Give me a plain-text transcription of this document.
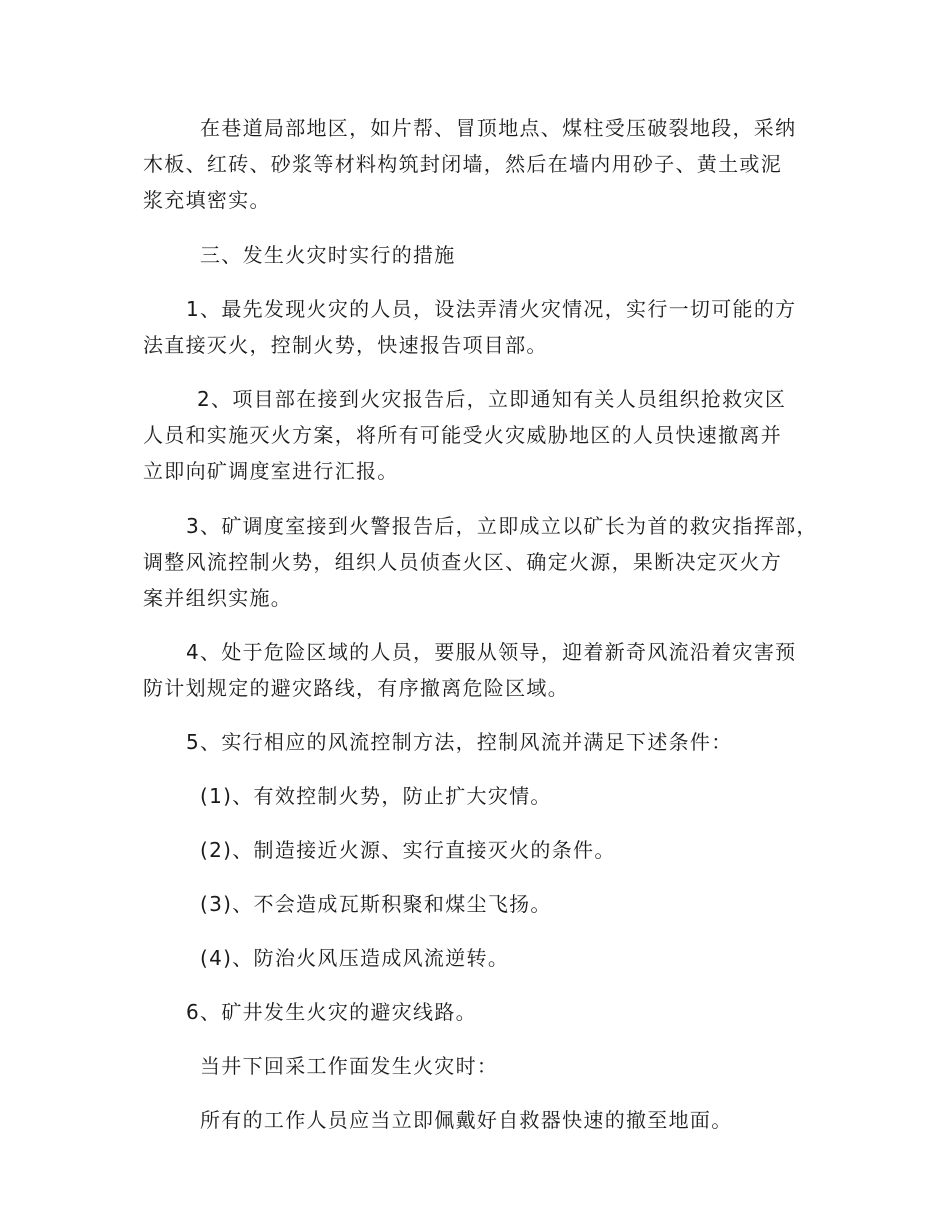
在巷道局部地区，如片帮、冒顶地点、煤柱受压破裂地段，采纳
木板、红砖、砂浆等材料构筑封闭墙，然后在墙内用砂子、黄土或泥
浆充填密实。
三、发生火灾时实行的措施
1、最先发现火灾的人员，设法弄清火灾情况，实行一切可能的方
法直接灭火，控制火势，快速报告项目部。
2、项目部在接到火灾报告后，立即通知有关人员组织抢救灾区
人员和实施灭火方案，将所有可能受火灾威胁地区的人员快速撤离并
立即向矿调度室进行汇报。
3、矿调度室接到火警报告后，立即成立以矿长为首的救灾指挥部，
调整风流控制火势，组织人员侦查火区、确定火源，果断决定灭火方
案并组织实施。
4、处于危险区域的人员，要服从领导，迎着新奇风流沿着灾害预
防计划规定的避灾路线，有序撤离危险区域。
5、实行相应的风流控制方法，控制风流并满足下述条件：
(1)、有效控制火势，防止扩大灾情。
(2)、制造接近火源、实行直接灭火的条件。
(3)、不会造成瓦斯积聚和煤尘飞扬。
(4)、防治火风压造成风流逆转。
6、矿井发生火灾的避灾线路。
当井下回采工作面发生火灾时：
所有的工作人员应当立即佩戴好自救器快速的撤至地面。
